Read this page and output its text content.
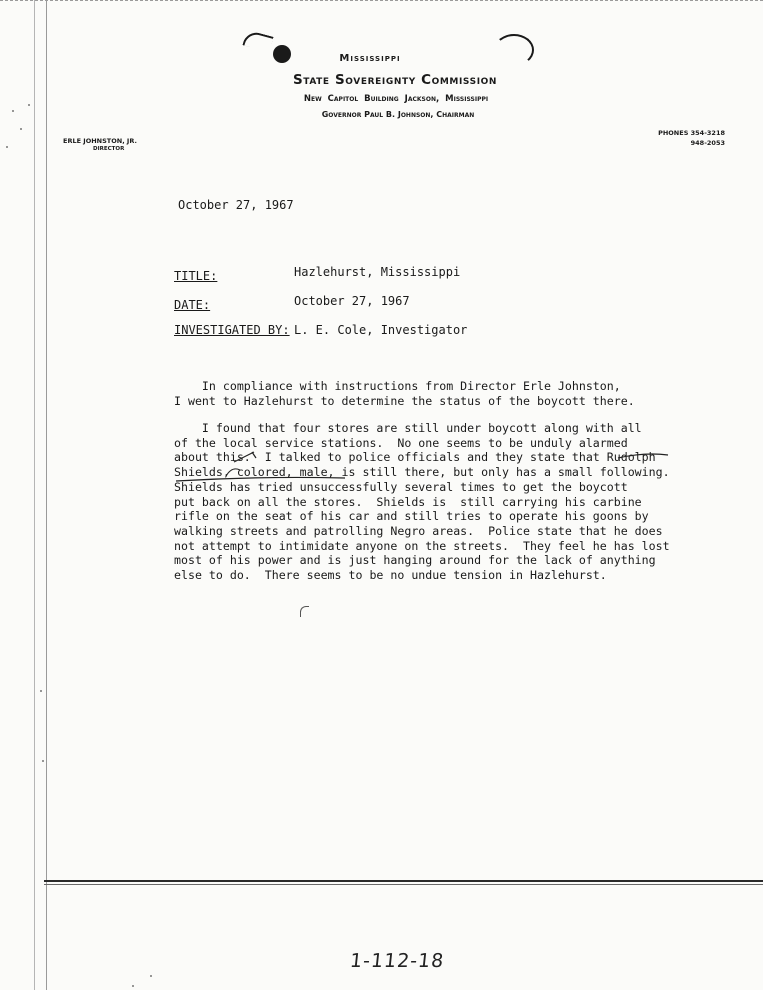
Mississippi
State Sovereignty Commission
New Capitol Building Jackson, Mississippi
Governor Paul B. Johnson, Chairman
ERLE JOHNSTON, JR.
DIRECTOR
PHONES 354-3218
948-2053
October 27, 1967
TITLE:	Hazlehurst, Mississippi
DATE:	October 27, 1967
INVESTIGATED BY: L. E. Cole, Investigator
In compliance with instructions from Director Erle Johnston,
I went to Hazlehurst to determine the status of the boycott there.
I found that four stores are still under boycott along with all
of the local service stations.  No one seems to be unduly alarmed
about this.  I talked to police officials and they state that Rudolph
Shields, colored, male, is still there, but only has a small following.
Shields has tried unsuccessfully several times to get the boycott
put back on all the stores.  Shields is  still carrying his carbine
rifle on the seat of his car and still tries to operate his goons by
walking streets and patrolling Negro areas.  Police state that he does
not attempt to intimidate anyone on the streets.  They feel he has lost
most of his power and is just hanging around for the lack of anything
else to do.  There seems to be no undue tension in Hazlehurst.
1-112-18
